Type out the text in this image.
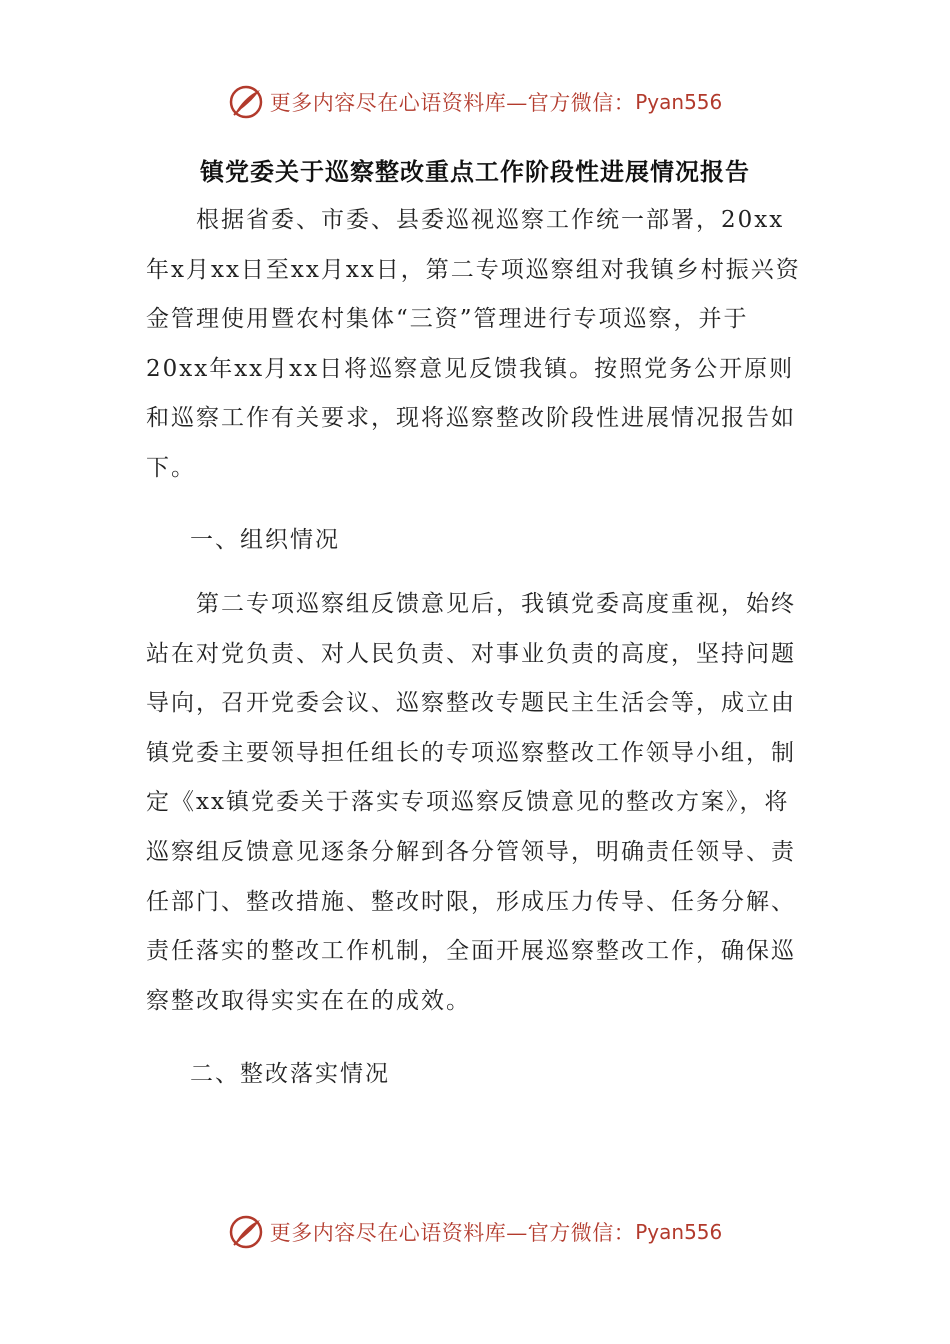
更多内容尽在心语资料库—官方微信： Pyan556
镇党委关于巡察整改重点工作阶段性进展情况报告
　　根据省委、市委、县委巡视巡察工作统一部署，20xx年x月xx日至xx月xx日，第二专项巡察组对我镇乡村振兴资金管理使用暨农村集体“三资”管理进行专项巡察，并于20xx年xx月xx日将巡察意见反馈我镇。按照党务公开原则和巡察工作有关要求，现将巡察整改阶段性进展情况报告如下。
一、组织情况
　　第二专项巡察组反馈意见后，我镇党委高度重视，始终站在对党负责、对人民负责、对事业负责的高度，坚持问题导向，召开党委会议、巡察整改专题民主生活会等，成立由镇党委主要领导担任组长的专项巡察整改工作领导小组，制定《xx镇党委关于落实专项巡察反馈意见的整改方案》，将巡察组反馈意见逐条分解到各分管领导，明确责任领导、责任部门、整改措施、整改时限，形成压力传导、任务分解、责任落实的整改工作机制，全面开展巡察整改工作，确保巡察整改取得实实在在的成效。
二、整改落实情况
更多内容尽在心语资料库—官方微信： Pyan556
